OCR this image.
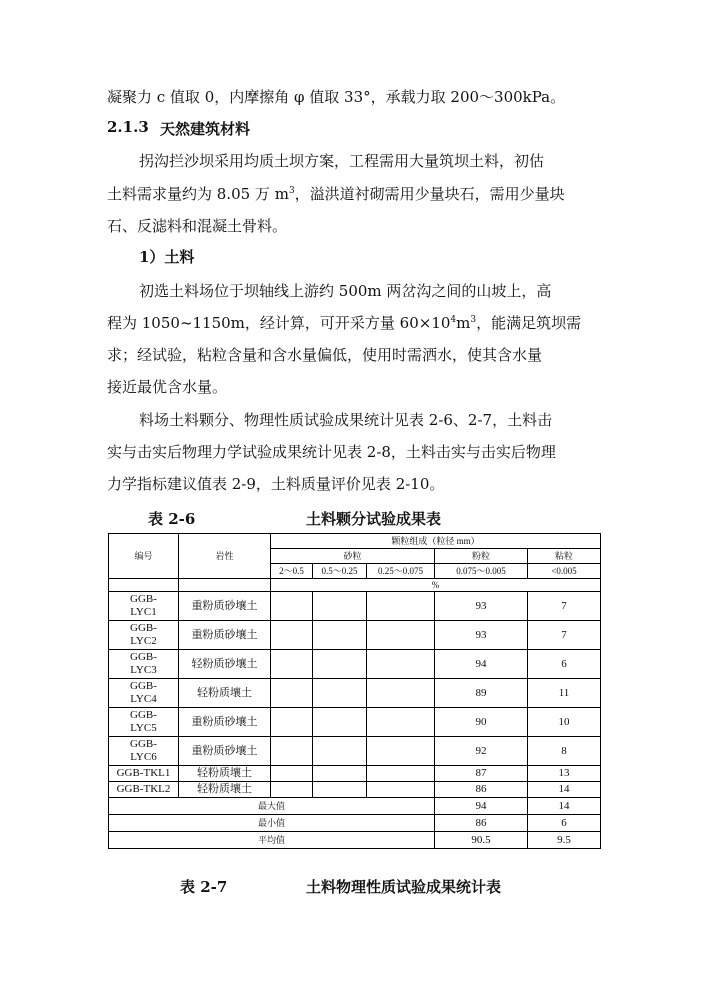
凝聚力 c 值取 0，内摩擦角 φ 值取 33°，承载力取 200～300kPa。

2.1.3 天然建筑材料

拐沟拦沙坝采用均质土坝方案，工程需用大量筑坝土料，初估

土料需求量约为 8.05 万 $m^3$，溢洪道衬砌需用少量块石，需用少量块

石、反滤料和混凝土骨料。

1）土料

初选土料场位于坝轴线上游约 500m 两岔沟之间的山坡上，高

程为 1050~1150m，经计算，可开采方量 $60\times 10^4m^3$，能满足筑坝需

求；经试验，粘粒含量和含水量偏低，使用时需洒水，使其含水量

接近最优含水量。

料场土料颗分、物理性质试验成果统计见表 2-6、2-7，土料击

实与击实后物理力学试验成果统计见表 2-8，土料击实与击实后物理

力学指标建议值表 2-9，土料质量评价见表 2-10。

表 2-6	土料颗分试验成果表
编号	岩性	颗粒组成（粒径 mm）				
		砂粒			粉粒	粘粒
		2～0.5	0.5～0.25	0.25～0.075	0.075～0.005	<0.005
		%				
GGB-
LYC1	重粉质砂壤土				93	7
GGB-
LYC2	重粉质砂壤土				93	7
GGB-
LYC3	轻粉质砂壤土				94	6
GGB-
LYC4	轻粉质壤土				89	11
GGB-
LYC5	重粉质砂壤土				90	10
GGB-
LYC6	重粉质砂壤土				92	8
GGB-TKL1	轻粉质壤土				87	13
GGB-TKL2	轻粉质壤土				86	14
最大值					94	14
最小值					86	6
平均值					90.5	9.5
表 2-7	土料物理性质试验成果统计表
